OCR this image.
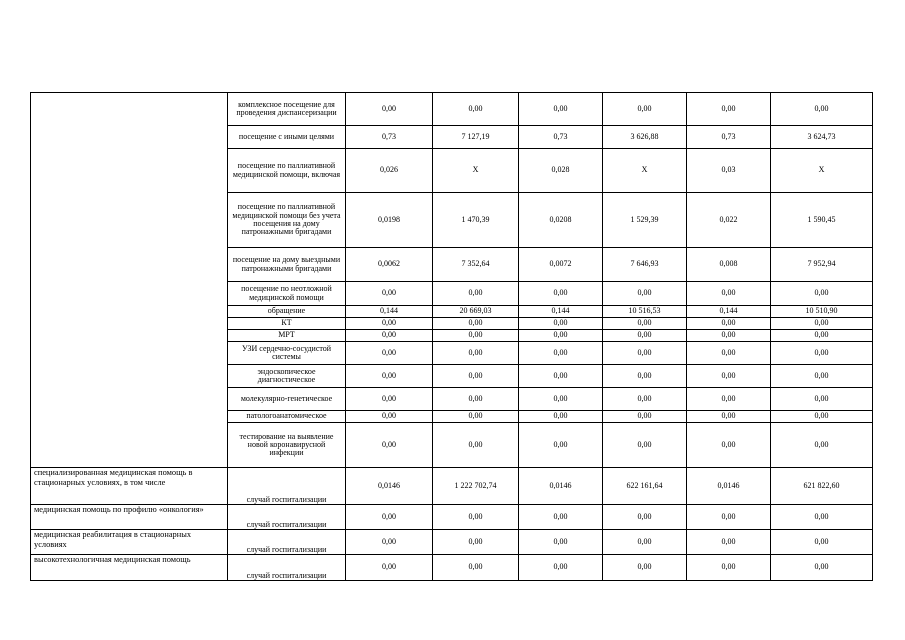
	комплексное посещение для проведения диспансеризации	0,00	0,00	0,00	0,00	0,00	0,00
	посещение с иными целями	0,73	7 127,19	0,73	3 626,88	0,73	3 624,73
	посещение по паллиативной медицинской помощи, включая	0,026	X	0,028	X	0,03	X
	посещение по паллиативной медицинской помощи без учета посещения на дому патронажными бригадами	0,0198	1 470,39	0,0208	1 529,39	0,022	1 590,45
	посещение на дому выездными патронажными бригадами	0,0062	7 352,64	0,0072	7 646,93	0,008	7 952,94
	посещение по неотложной медицинской помощи	0,00	0,00	0,00	0,00	0,00	0,00
	обращение	0,144	20 669,03	0,144	10 516,53	0,144	10 510,90
	КТ	0,00	0,00	0,00	0,00	0,00	0,00
	МРТ	0,00	0,00	0,00	0,00	0,00	0,00
	УЗИ сердечно-сосудистой системы	0,00	0,00	0,00	0,00	0,00	0,00
	эндоскопическое диагностическое	0,00	0,00	0,00	0,00	0,00	0,00
	молекулярно-генетическое	0,00	0,00	0,00	0,00	0,00	0,00
	патологоанатомическое	0,00	0,00	0,00	0,00	0,00	0,00
	тестирование на выявление новой коронавирусной инфекции	0,00	0,00	0,00	0,00	0,00	0,00
специализированная медицинская помощь в стационарных условиях, в том числе	случай госпитализации	0,0146	1 222 702,74	0,0146	622 161,64	0,0146	621 822,60
медицинская помощь по профилю «онкология»	случай госпитализации	0,00	0,00	0,00	0,00	0,00	0,00
медицинская реабилитация в стационарных условиях	случай госпитализации	0,00	0,00	0,00	0,00	0,00	0,00
высокотехнологичная медицинская помощь	случай госпитализации	0,00	0,00	0,00	0,00	0,00	0,00
